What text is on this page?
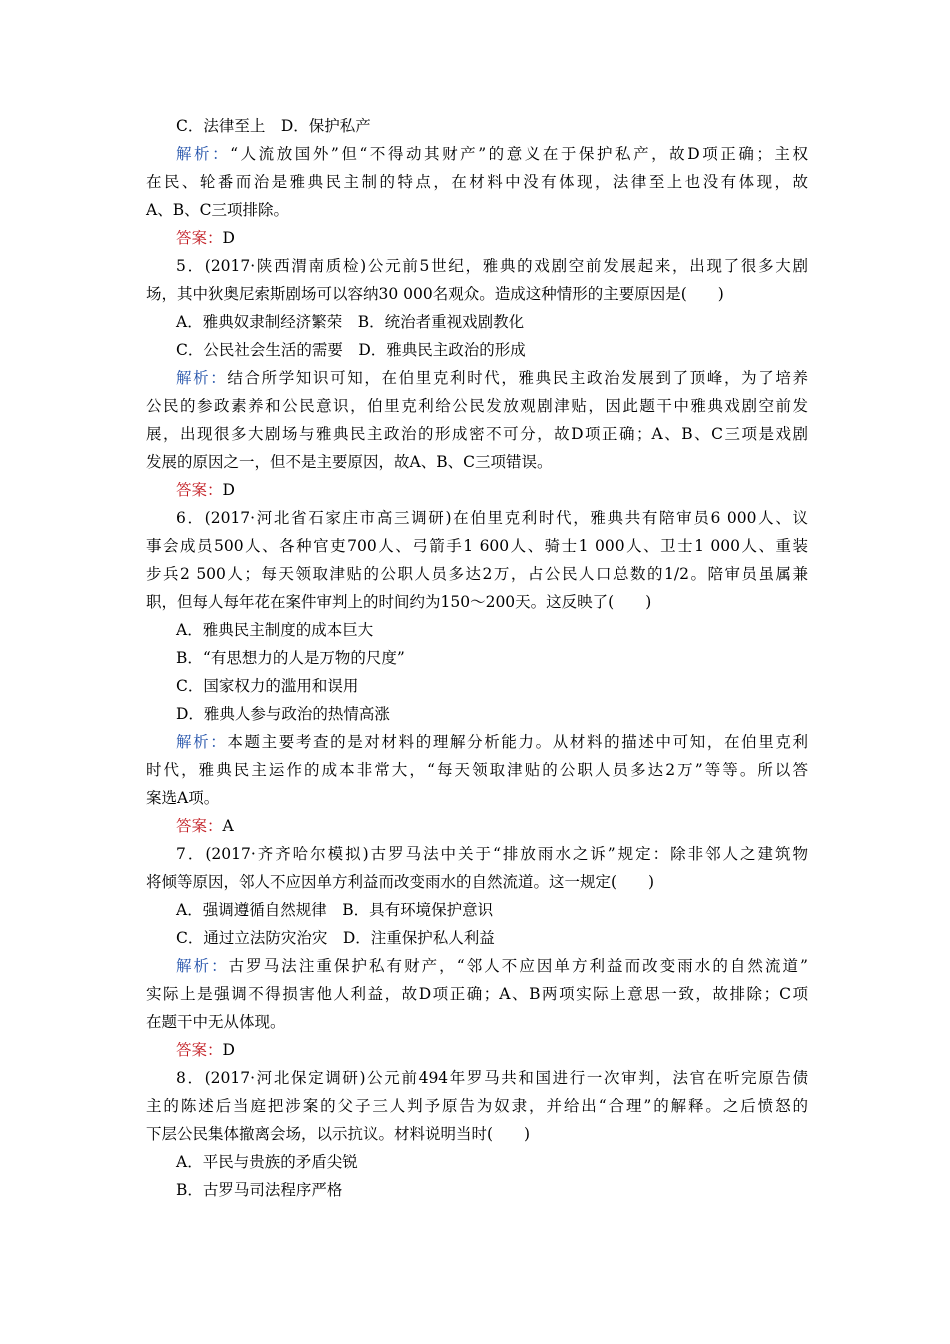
C．法律至上　D．保护私产
解析：“人流放国外”但“不得动其财产”的意义在于保护私产，故D项正确；主权
在民、轮番而治是雅典民主制的特点，在材料中没有体现，法律至上也没有体现，故
A、B、C三项排除。
答案：D
5．(2017·陕西渭南质检)公元前5世纪，雅典的戏剧空前发展起来，出现了很多大剧
场，其中狄奥尼索斯剧场可以容纳30 000名观众。造成这种情形的主要原因是(　　)
A．雅典奴隶制经济繁荣　B．统治者重视戏剧教化
C．公民社会生活的需要　D．雅典民主政治的形成
解析：结合所学知识可知，在伯里克利时代，雅典民主政治发展到了顶峰，为了培养
公民的参政素养和公民意识，伯里克利给公民发放观剧津贴，因此题干中雅典戏剧空前发
展，出现很多大剧场与雅典民主政治的形成密不可分，故D项正确；A、B、C三项是戏剧
发展的原因之一，但不是主要原因，故A、B、C三项错误。
答案：D
6．(2017·河北省石家庄市高三调研)在伯里克利时代，雅典共有陪审员6 000人、议
事会成员500人、各种官吏700人、弓箭手1 600人、骑士1 000人、卫士1 000人、重装
步兵2 500人；每天领取津贴的公职人员多达2万，占公民人口总数的1/2。陪审员虽属兼
职，但每人每年花在案件审判上的时间约为150～200天。这反映了(　　)
A．雅典民主制度的成本巨大
B．“有思想力的人是万物的尺度”
C．国家权力的滥用和误用
D．雅典人参与政治的热情高涨
解析：本题主要考查的是对材料的理解分析能力。从材料的描述中可知，在伯里克利
时代，雅典民主运作的成本非常大，“每天领取津贴的公职人员多达2万”等等。所以答
案选A项。
答案：A
7．(2017·齐齐哈尔模拟)古罗马法中关于“排放雨水之诉”规定：除非邻人之建筑物
将倾等原因，邻人不应因单方利益而改变雨水的自然流道。这一规定(　　)
A．强调遵循自然规律　B．具有环境保护意识
C．通过立法防灾治灾　D．注重保护私人利益
解析：古罗马法注重保护私有财产，“邻人不应因单方利益而改变雨水的自然流道”
实际上是强调不得损害他人利益，故D项正确；A、B两项实际上意思一致，故排除；C项
在题干中无从体现。
答案：D
8．(2017·河北保定调研)公元前494年罗马共和国进行一次审判，法官在听完原告债
主的陈述后当庭把涉案的父子三人判予原告为奴隶，并给出“合理”的解释。之后愤怒的
下层公民集体撤离会场，以示抗议。材料说明当时(　　)
A．平民与贵族的矛盾尖锐
B．古罗马司法程序严格
